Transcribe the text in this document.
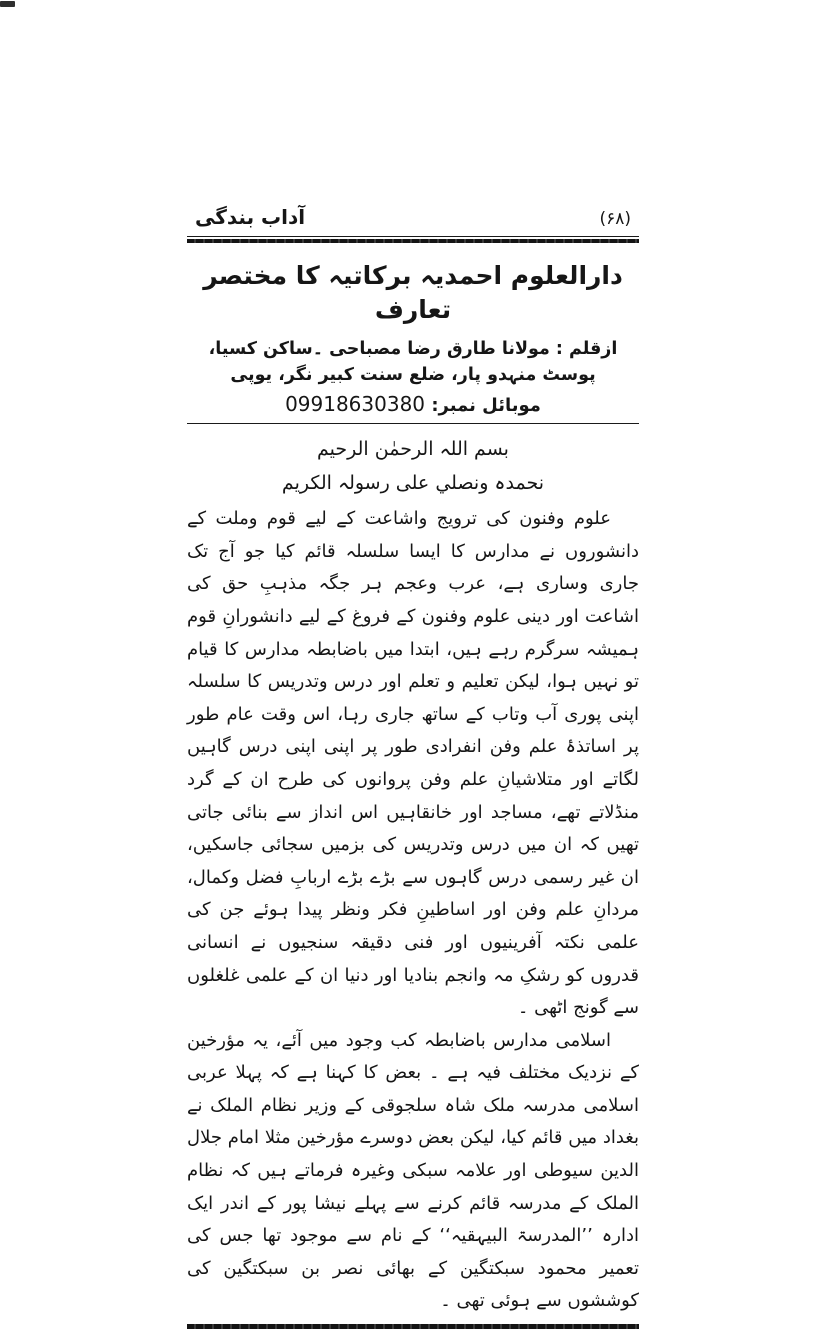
(۶۸)
آداب بندگی
دارالعلوم احمدیہ برکاتیہ کا مختصر تعارف
ازقلم : مولانا طارق رضا مصباحی ۔ساکن کسیا، پوسٹ منہدو پار، ضلع سنت کبیر نگر، یوپی
موبائل نمبر: 09918630380
بسم اللہ الرحمٰن الرحیم
نحمدہ ونصلي علی رسولہ الکریم

علوم وفنون کی ترویج واشاعت کے لیے قوم وملت کے دانشوروں نے مدارس کا ایسا سلسلہ قائم کیا جو آج تک جاری وساری ہے، عرب وعجم ہر جگہ مذہبِ حق کی اشاعت اور دینی علوم وفنون کے فروغ کے لیے دانشورانِ قوم ہمیشہ سرگرم رہے ہیں، ابتدا میں باضابطہ مدارس کا قیام تو نہیں ہوا، لیکن تعلیم و تعلم اور درس وتدریس کا سلسلہ اپنی پوری آب وتاب کے ساتھ جاری رہا، اس وقت عام طور پر اساتذۂ علم وفن انفرادی طور پر اپنی اپنی درس گاہیں لگاتے اور متلاشیانِ علم وفن پروانوں کی طرح ان کے گرد منڈلاتے تھے، مساجد اور خانقاہیں اس انداز سے بنائی جاتی تھیں کہ ان میں درس وتدریس کی بزمیں سجائی جاسکیں، ان غیر رسمی درس گاہوں سے بڑے بڑے اربابِ فضل وکمال، مردانِ علم وفن اور اساطینِ فکر ونظر پیدا ہوئے جن کی علمی نکتہ آفرینیوں اور فنی دقیقہ سنجیوں نے انسانی قدروں کو رشکِ مہ وانجم بنادیا اور دنیا ان کے علمی غلغلوں سے گونج اٹھی ۔

اسلامی مدارس باضابطہ کب وجود میں آئے، یہ مؤرخین کے نزدیک مختلف فیہ ہے ۔ بعض کا کہنا ہے کہ پہلا عربی اسلامی مدرسہ ملک شاہ سلجوقی کے وزیر نظام الملک نے بغداد میں قائم کیا، لیکن بعض دوسرے مؤرخین مثلا امام جلال الدین سیوطی اور علامہ سبکی وغیرہ فرماتے ہیں کہ نظام الملک کے مدرسہ قائم کرنے سے پہلے نیشا پور کے اندر ایک ادارہ ’’المدرسۃ البیہقیہ‘‘ کے نام سے موجود تھا جس کی تعمیر محمود سبکتگین کے بھائی نصر بن سبکتگین کی کوششوں سے ہوئی تھی ۔
